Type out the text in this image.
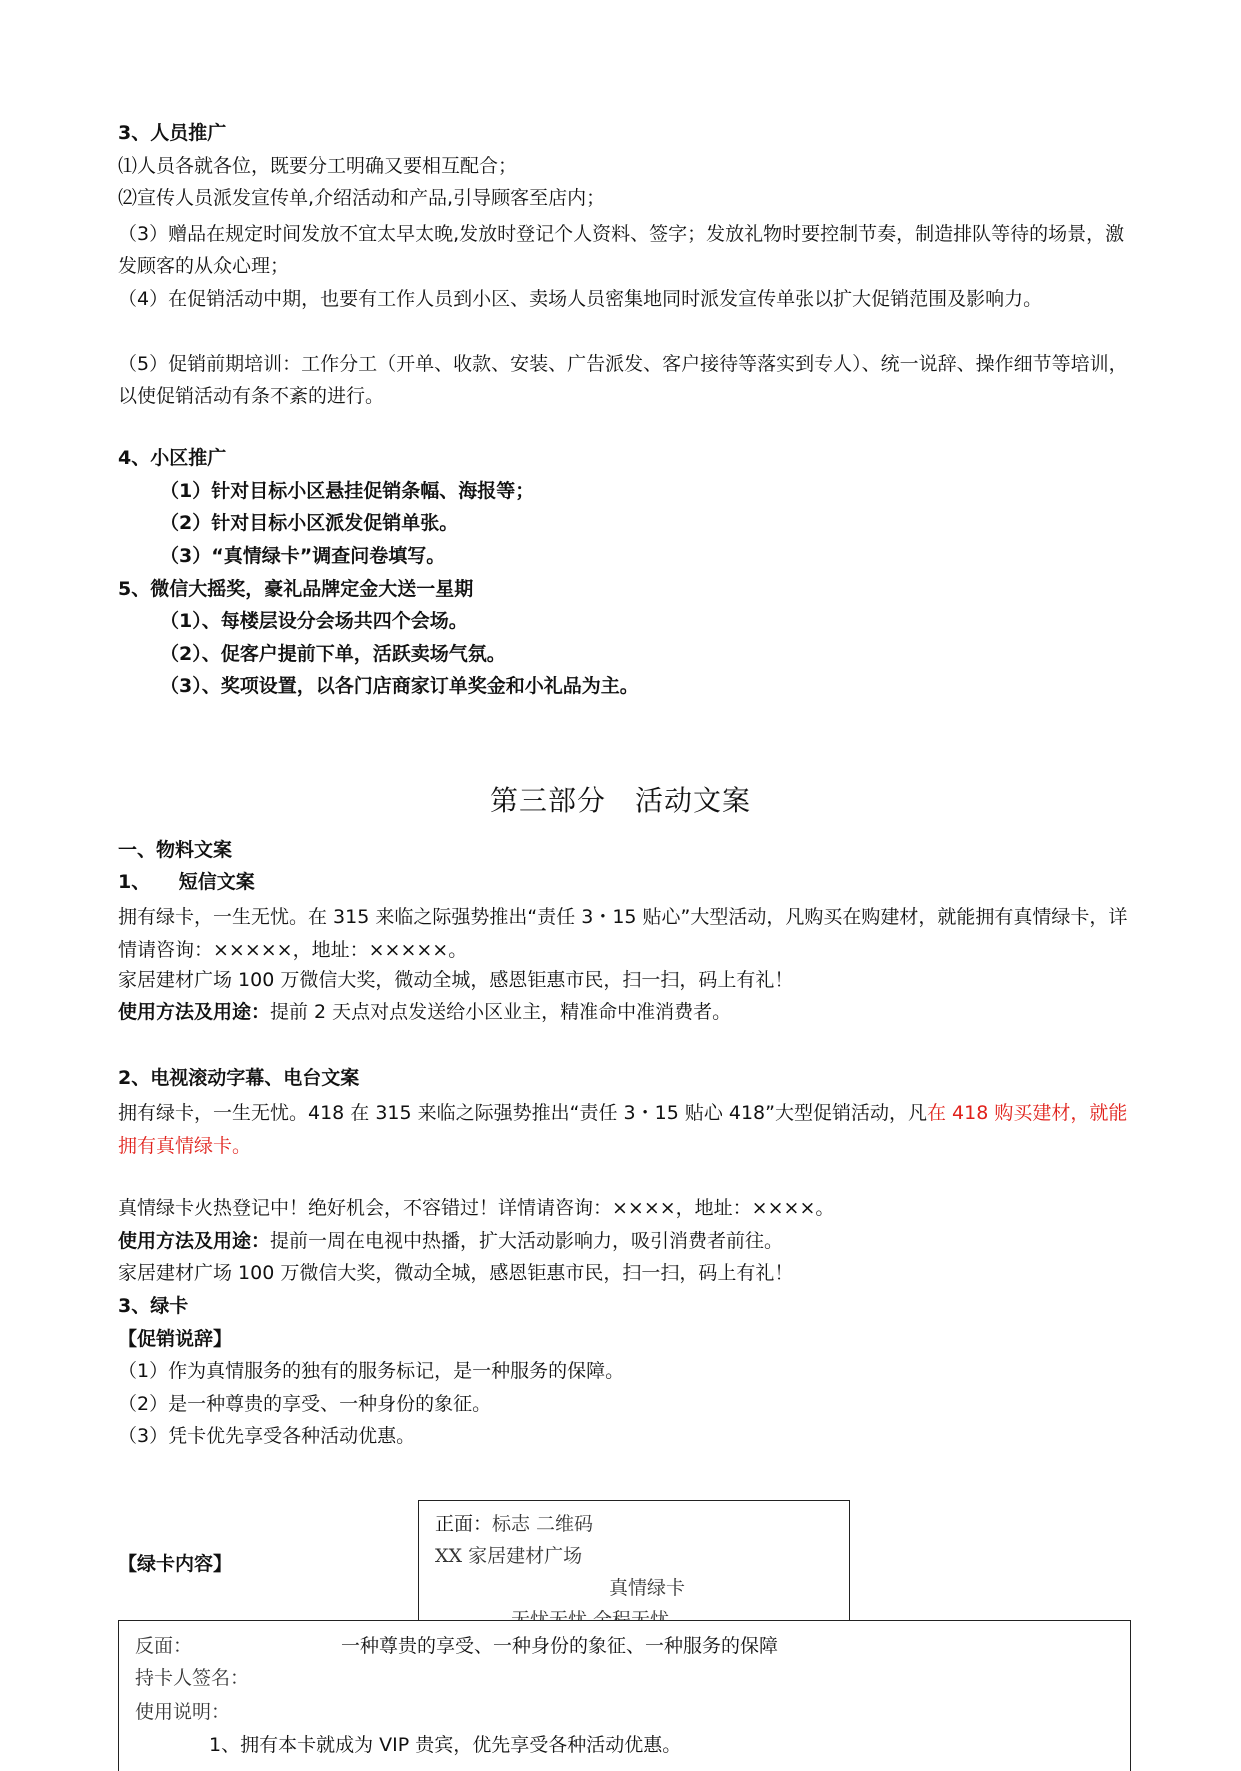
3、人员推广
⑴人员各就各位，既要分工明确又要相互配合；
⑵宣传人员派发宣传单,介绍活动和产品,引导顾客至店内；
（3）赠品在规定时间发放不宜太早太晚,发放时登记个人资料、签字；发放礼物时要控制节奏，制造排队等待的场景，激发顾客的从众心理；
（4）在促销活动中期，也要有工作人员到小区、卖场人员密集地同时派发宣传单张以扩大促销范围及影响力。
（5）促销前期培训：工作分工（开单、收款、安装、广告派发、客户接待等落实到专人）、统一说辞、操作细节等培训，以使促销活动有条不紊的进行。
4、小区推广
（1）针对目标小区悬挂促销条幅、海报等；
（2）针对目标小区派发促销单张。
（3）“真情绿卡”调查问卷填写。
5、微信大摇奖，豪礼品牌定金大送一星期
（1）、每楼层设分会场共四个会场。
（2）、促客户提前下单，活跃卖场气氛。
（3）、奖项设置，以各门店商家订单奖金和小礼品为主。
第三部分　活动文案
一、物料文案
1、　　短信文案
拥有绿卡，一生无忧。在 315 来临之际强势推出“责任 3・15 贴心”大型活动，凡购买在购建材，就能拥有真情绿卡，详情请咨询：×××××，地址：×××××。
家居建材广场 100 万微信大奖，微动全城，感恩钜惠市民，扫一扫，码上有礼！
使用方法及用途：提前 2 天点对点发送给小区业主，精准命中准消费者。
2、电视滚动字幕、电台文案
拥有绿卡，一生无忧。418 在 315 来临之际强势推出“责任 3・15 贴心 418”大型促销活动，凡在 418 购买建材，就能拥有真情绿卡。
真情绿卡火热登记中！绝好机会，不容错过！详情请咨询：××××，地址：××××。
使用方法及用途：提前一周在电视中热播，扩大活动影响力，吸引消费者前往。
家居建材广场 100 万微信大奖，微动全城，感恩钜惠市民，扫一扫，码上有礼！
3、绿卡
【促销说辞】
（1）作为真情服务的独有的服务标记，是一种服务的保障。
（2）是一种尊贵的享受、一种身份的象征。
（3）凭卡优先享受各种活动优惠。
【绿卡内容】
正面：标志 二维码
XX 家居建材广场
真情绿卡
反面：	一种尊贵的享受、一种身份的象征、一种服务的保障
持卡人签名：
使用说明：
1、拥有本卡就成为 VIP 贵宾，优先享受各种活动优惠。
